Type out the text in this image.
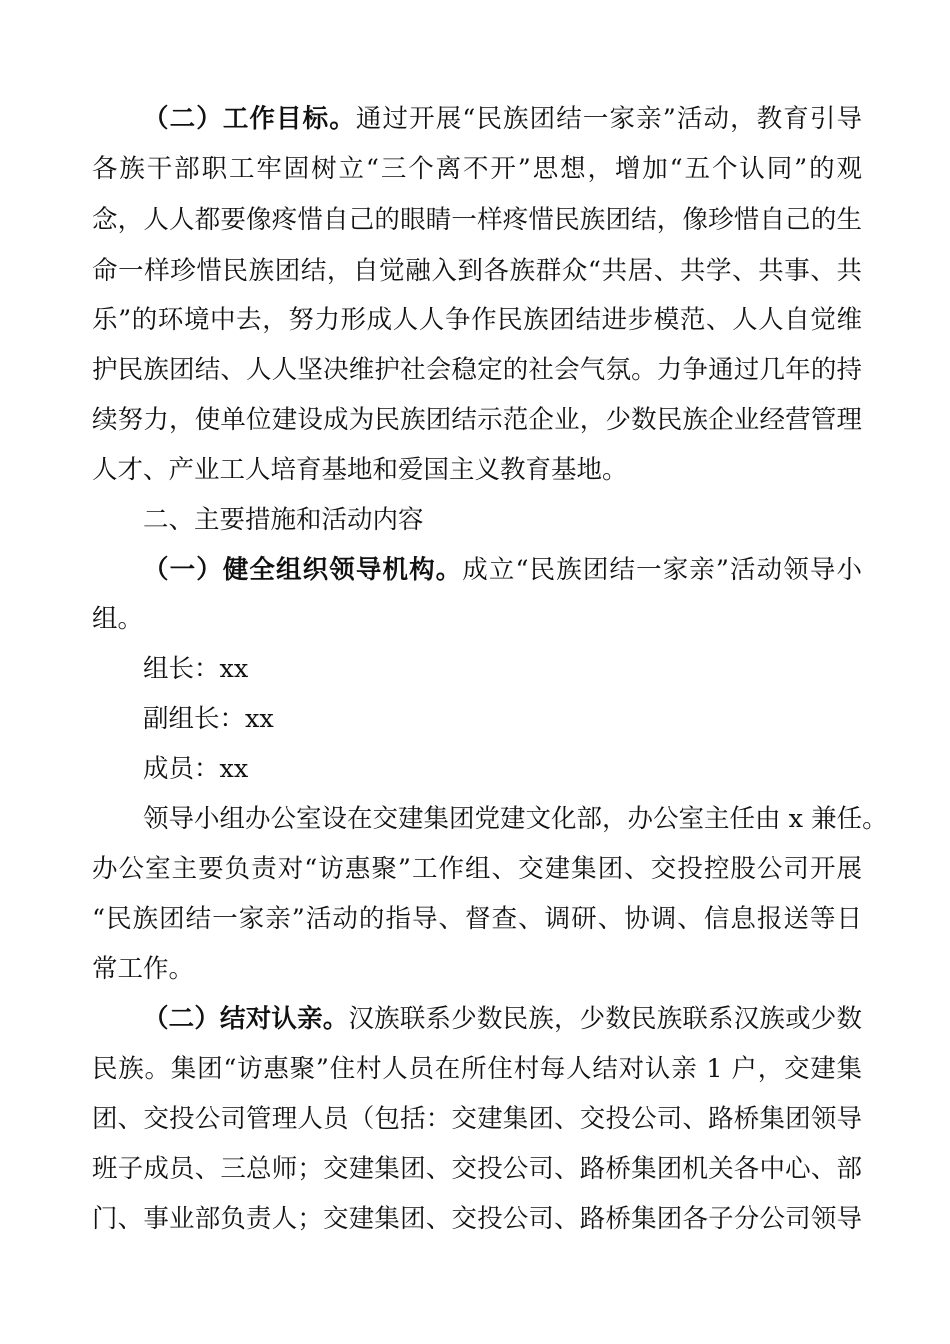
（二）工作目标。通过开展“民族团结一家亲”活动，教育引导

各族干部职工牢固树立“三个离不开”思想，增加“五个认同”的观

念，人人都要像疼惜自己的眼睛一样疼惜民族团结，像珍惜自己的生

命一样珍惜民族团结，自觉融入到各族群众“共居、共学、共事、共

乐”的环境中去，努力形成人人争作民族团结进步模范、人人自觉维

护民族团结、人人坚决维护社会稳定的社会气氛。力争通过几年的持

续努力，使单位建设成为民族团结示范企业，少数民族企业经营管理

人才、产业工人培育基地和爱国主义教育基地。

二、主要措施和活动内容

（一）健全组织领导机构。成立“民族团结一家亲”活动领导小

组。

组长：xx

副组长：xx

成员：xx

领导小组办公室设在交建集团党建文化部，办公室主任由 x 兼任。

办公室主要负责对“访惠聚”工作组、交建集团、交投控股公司开展

“民族团结一家亲”活动的指导、督查、调研、协调、信息报送等日

常工作。

（二）结对认亲。汉族联系少数民族，少数民族联系汉族或少数

民族。集团“访惠聚”住村人员在所住村每人结对认亲 1 户，交建集

团、交投公司管理人员（包括：交建集团、交投公司、路桥集团领导

班子成员、三总师；交建集团、交投公司、路桥集团机关各中心、部

门、事业部负责人；交建集团、交投公司、路桥集团各子分公司领导
